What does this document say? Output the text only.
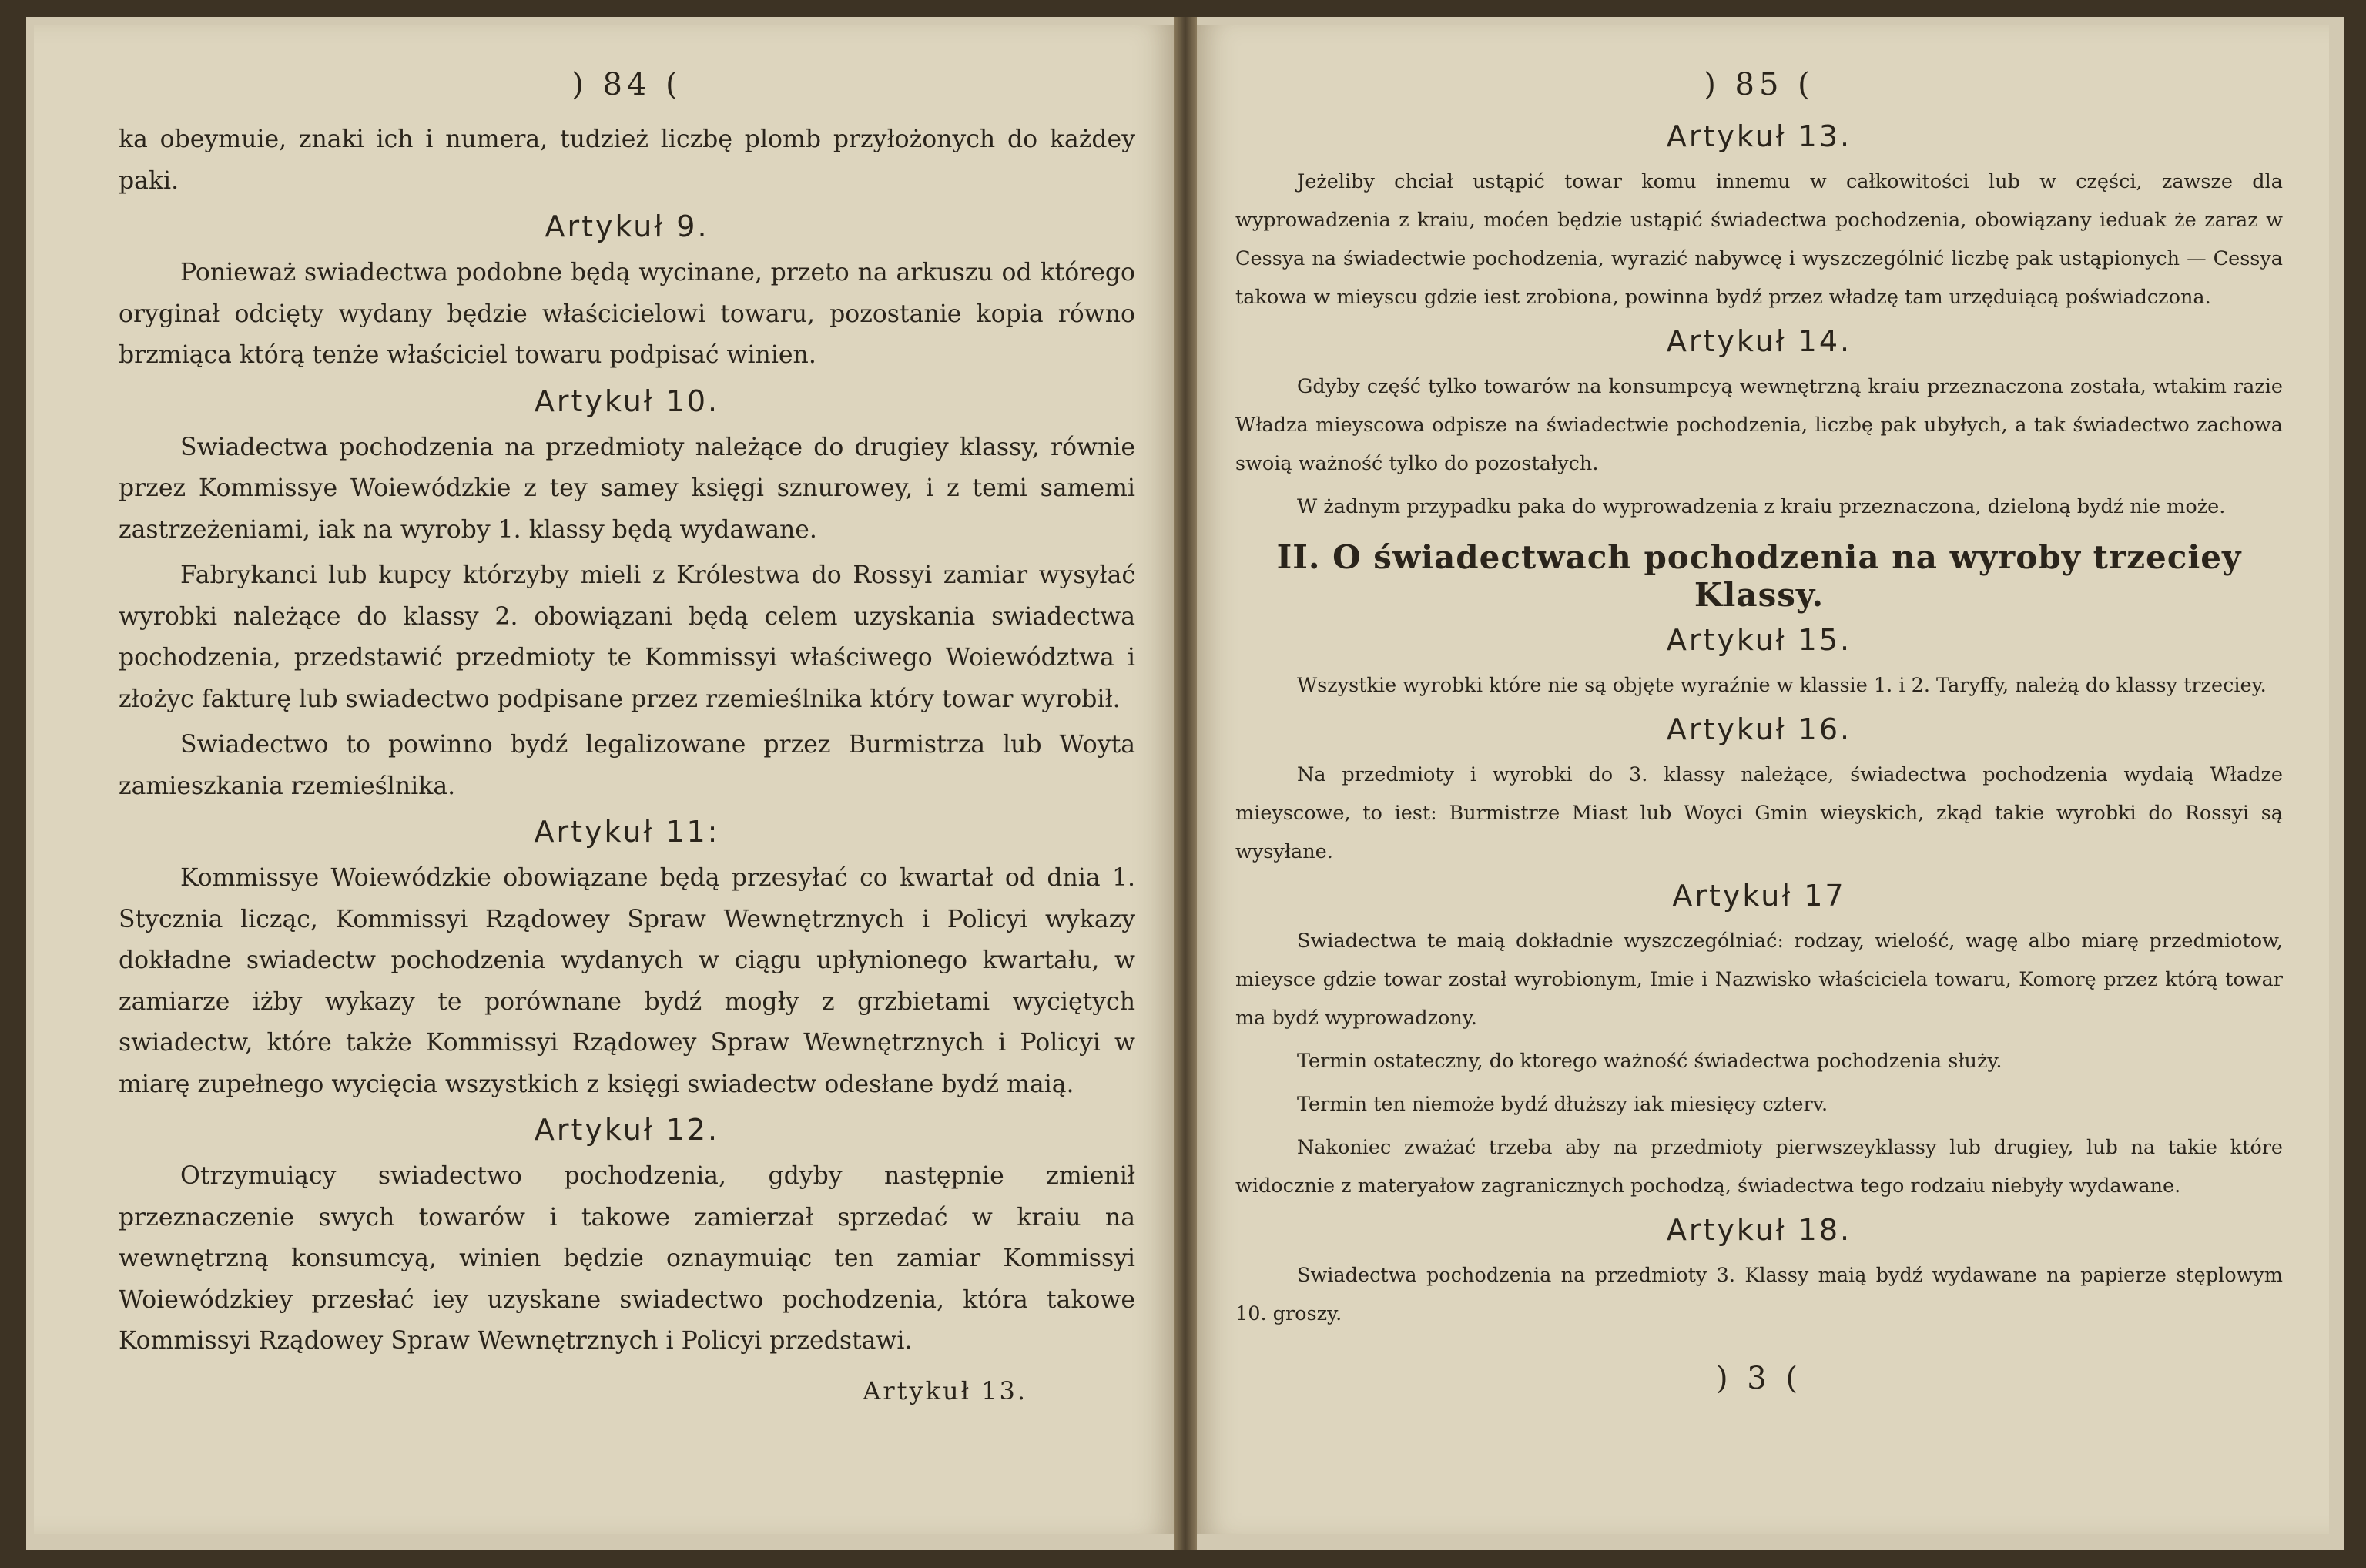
) 84 (

ka obeymuie, znaki ich i numera, tudzież liczbę plomb przyłożonych do każdey paki.

Artykuł 9.

Ponieważ swiadectwa podobne będą wycinane, przeto na arkuszu od którego oryginał odcięty wydany będzie właścicielowi towaru, pozostanie kopia równo brzmiąca którą tenże właściciel towaru podpisać winien.

Artykuł 10.

Swiadectwa pochodzenia na przedmioty należące do drugiey klassy, równie przez Kommissye Woiewódzkie z tey samey księgi sznurowey, i z temi samemi zastrzeżeniami, iak na wyroby 1. klassy będą wydawane.

Fabrykanci lub kupcy którzyby mieli z Królestwa do Rossyi zamiar wysyłać wyrobki należące do klassy 2. obowiązani będą celem uzyskania swiadectwa pochodzenia, przedstawić przedmioty te Kommissyi właściwego Woiewództwa i złożyc fakturę lub swiadectwo podpisane przez rzemieślnika który towar wyrobił.

Swiadectwo to powinno bydź legalizowane przez Burmistrza lub Woyta zamieszkania rzemieślnika.

Artykuł 11:

Kommissye Woiewódzkie obowiązane będą przesyłać co kwartał od dnia 1. Stycznia licząc, Kommissyi Rządowey Spraw Wewnętrznych i Policyi wykazy dokładne swiadectw pochodzenia wydanych w ciągu upłynionego kwartału, w zamiarze iżby wykazy te porównane bydź mogły z grzbietami wyciętych swiadectw, które także Kommissyi Rządowey Spraw Wewnętrznych i Policyi w miarę zupełnego wycięcia wszystkich z księgi swiadectw odesłane bydź maią.

Artykuł 12.

Otrzymuiący swiadectwo pochodzenia, gdyby następnie zmienił przeznaczenie swych towarów i takowe zamierzał sprzedać w kraiu na wewnętrzną konsumcyą, winien będzie oznaymuiąc ten zamiar Kommissyi Woiewódzkiey przesłać iey uzyskane swiadectwo pochodzenia, która takowe Kommissyi Rządowey Spraw Wewnętrznych i Policyi przedstawi.

Artykuł 13.
) 85 (
Artykuł 13.

Jeżeliby chciał ustąpić towar komu innemu w całkowitości lub w części, zawsze dla wyprowadzenia z kraiu, moćen będzie ustąpić świadectwa pochodzenia, obowiązany ieduak że zaraz w Cessya na świadectwie pochodzenia, wyrazić nabywcę i wyszczególnić liczbę pak ustąpionych — Cessya takowa w mieyscu gdzie iest zrobiona, powinna bydź przez władzę tam urzęduiącą poświadczona.

Artykuł 14.

Gdyby część tylko towarów na konsumpcyą wewnętrzną kraiu przeznaczona została, wtakim razie Władza mieyscowa odpisze na świadectwie pochodzenia, liczbę pak ubyłych, a tak świadectwo zachowa swoią ważność tylko do pozostałych.

W żadnym przypadku paka do wyprowadzenia z kraiu przeznaczona, dzieloną bydź nie może.

II. O świadectwach pochodzenia na wyroby trzeciey Klassy.
Artykuł 15.

Wszystkie wyrobki które nie są objęte wyraźnie w klassie 1. i 2. Taryffy, należą do klassy trzeciey.

Artykuł 16.

Na przedmioty i wyrobki do 3. klassy należące, świadectwa pochodzenia wydaią Władze mieyscowe, to iest: Burmistrze Miast lub Woyci Gmin wieyskich, zkąd takie wyrobki do Rossyi są wysyłane.

Artykuł 17

Swiadectwa te maią dokładnie wyszczególniać: rodzay, wielość, wagę albo miarę przedmiotow, mieysce gdzie towar został wyrobionym, Imie i Nazwisko właściciela towaru, Komorę przez którą towar ma bydź wyprowadzony.

Termin ostateczny, do ktorego ważność świadectwa pochodzenia służy.

Termin ten niemoże bydź dłuższy iak miesięcy czterv.

Nakoniec zważać trzeba aby na przedmioty pierwszeyklassy lub drugiey, lub na takie które widocznie z materyałow zagranicznych pochodzą, świadectwa tego rodzaiu niebyły wydawane.

Artykuł 18.

Swiadectwa pochodzenia na przedmioty 3. Klassy maią bydź wydawane na papierze stęplowym 10. groszy.

) 3 (
